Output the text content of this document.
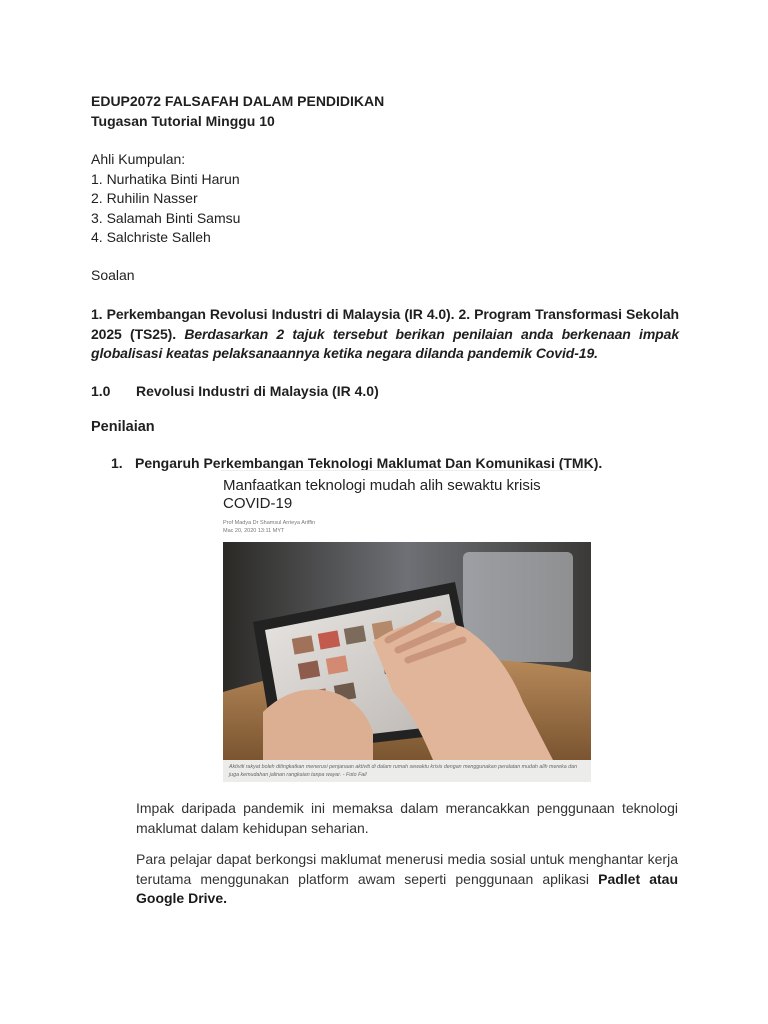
EDUP2072 FALSAFAH DALAM PENDIDIKAN

Tugasan Tutorial Minggu 10

Ahli Kumpulan:

1. Nurhatika Binti Harun
2. Ruhilin Nasser
3. Salamah Binti Samsu
4. Salchriste Salleh

Soalan

1. Perkembangan Revolusi Industri di Malaysia (IR 4.0). 2. Program Transformasi Sekolah 2025 (TS25). Berdasarkan 2 tajuk tersebut berikan penilaian anda berkenaan impak globalisasi keatas pelaksanaannya ketika negara dilanda pandemik Covid-19.

1.0	Revolusi Industri di Malaysia (IR 4.0)

Penilaian

1. Pengaruh Perkembangan Teknologi Maklumat Dan Komunikasi (TMK).
Manfaatkan teknologi mudah alih sewaktu krisis COVID-19
Prof Madya Dr Shamsul Arrieya Ariffin
Mac 20, 2020 13:11 MYT
Aktiviti rakyat boleh ditingkatkan menerusi penjanaan aktiviti di dalam rumah sewaktu krisis dengan menggunakan peralatan mudah alih mereka dan juga kemudahan jalinan rangkaian tanpa wayar. - Foto Fail

Impak daripada pandemik ini memaksa dalam merancakkan penggunaan teknologi maklumat dalam kehidupan seharian.

Para pelajar dapat berkongsi maklumat menerusi media sosial untuk menghantar kerja terutama menggunakan platform awam seperti penggunaan aplikasi Padlet atau Google Drive.
